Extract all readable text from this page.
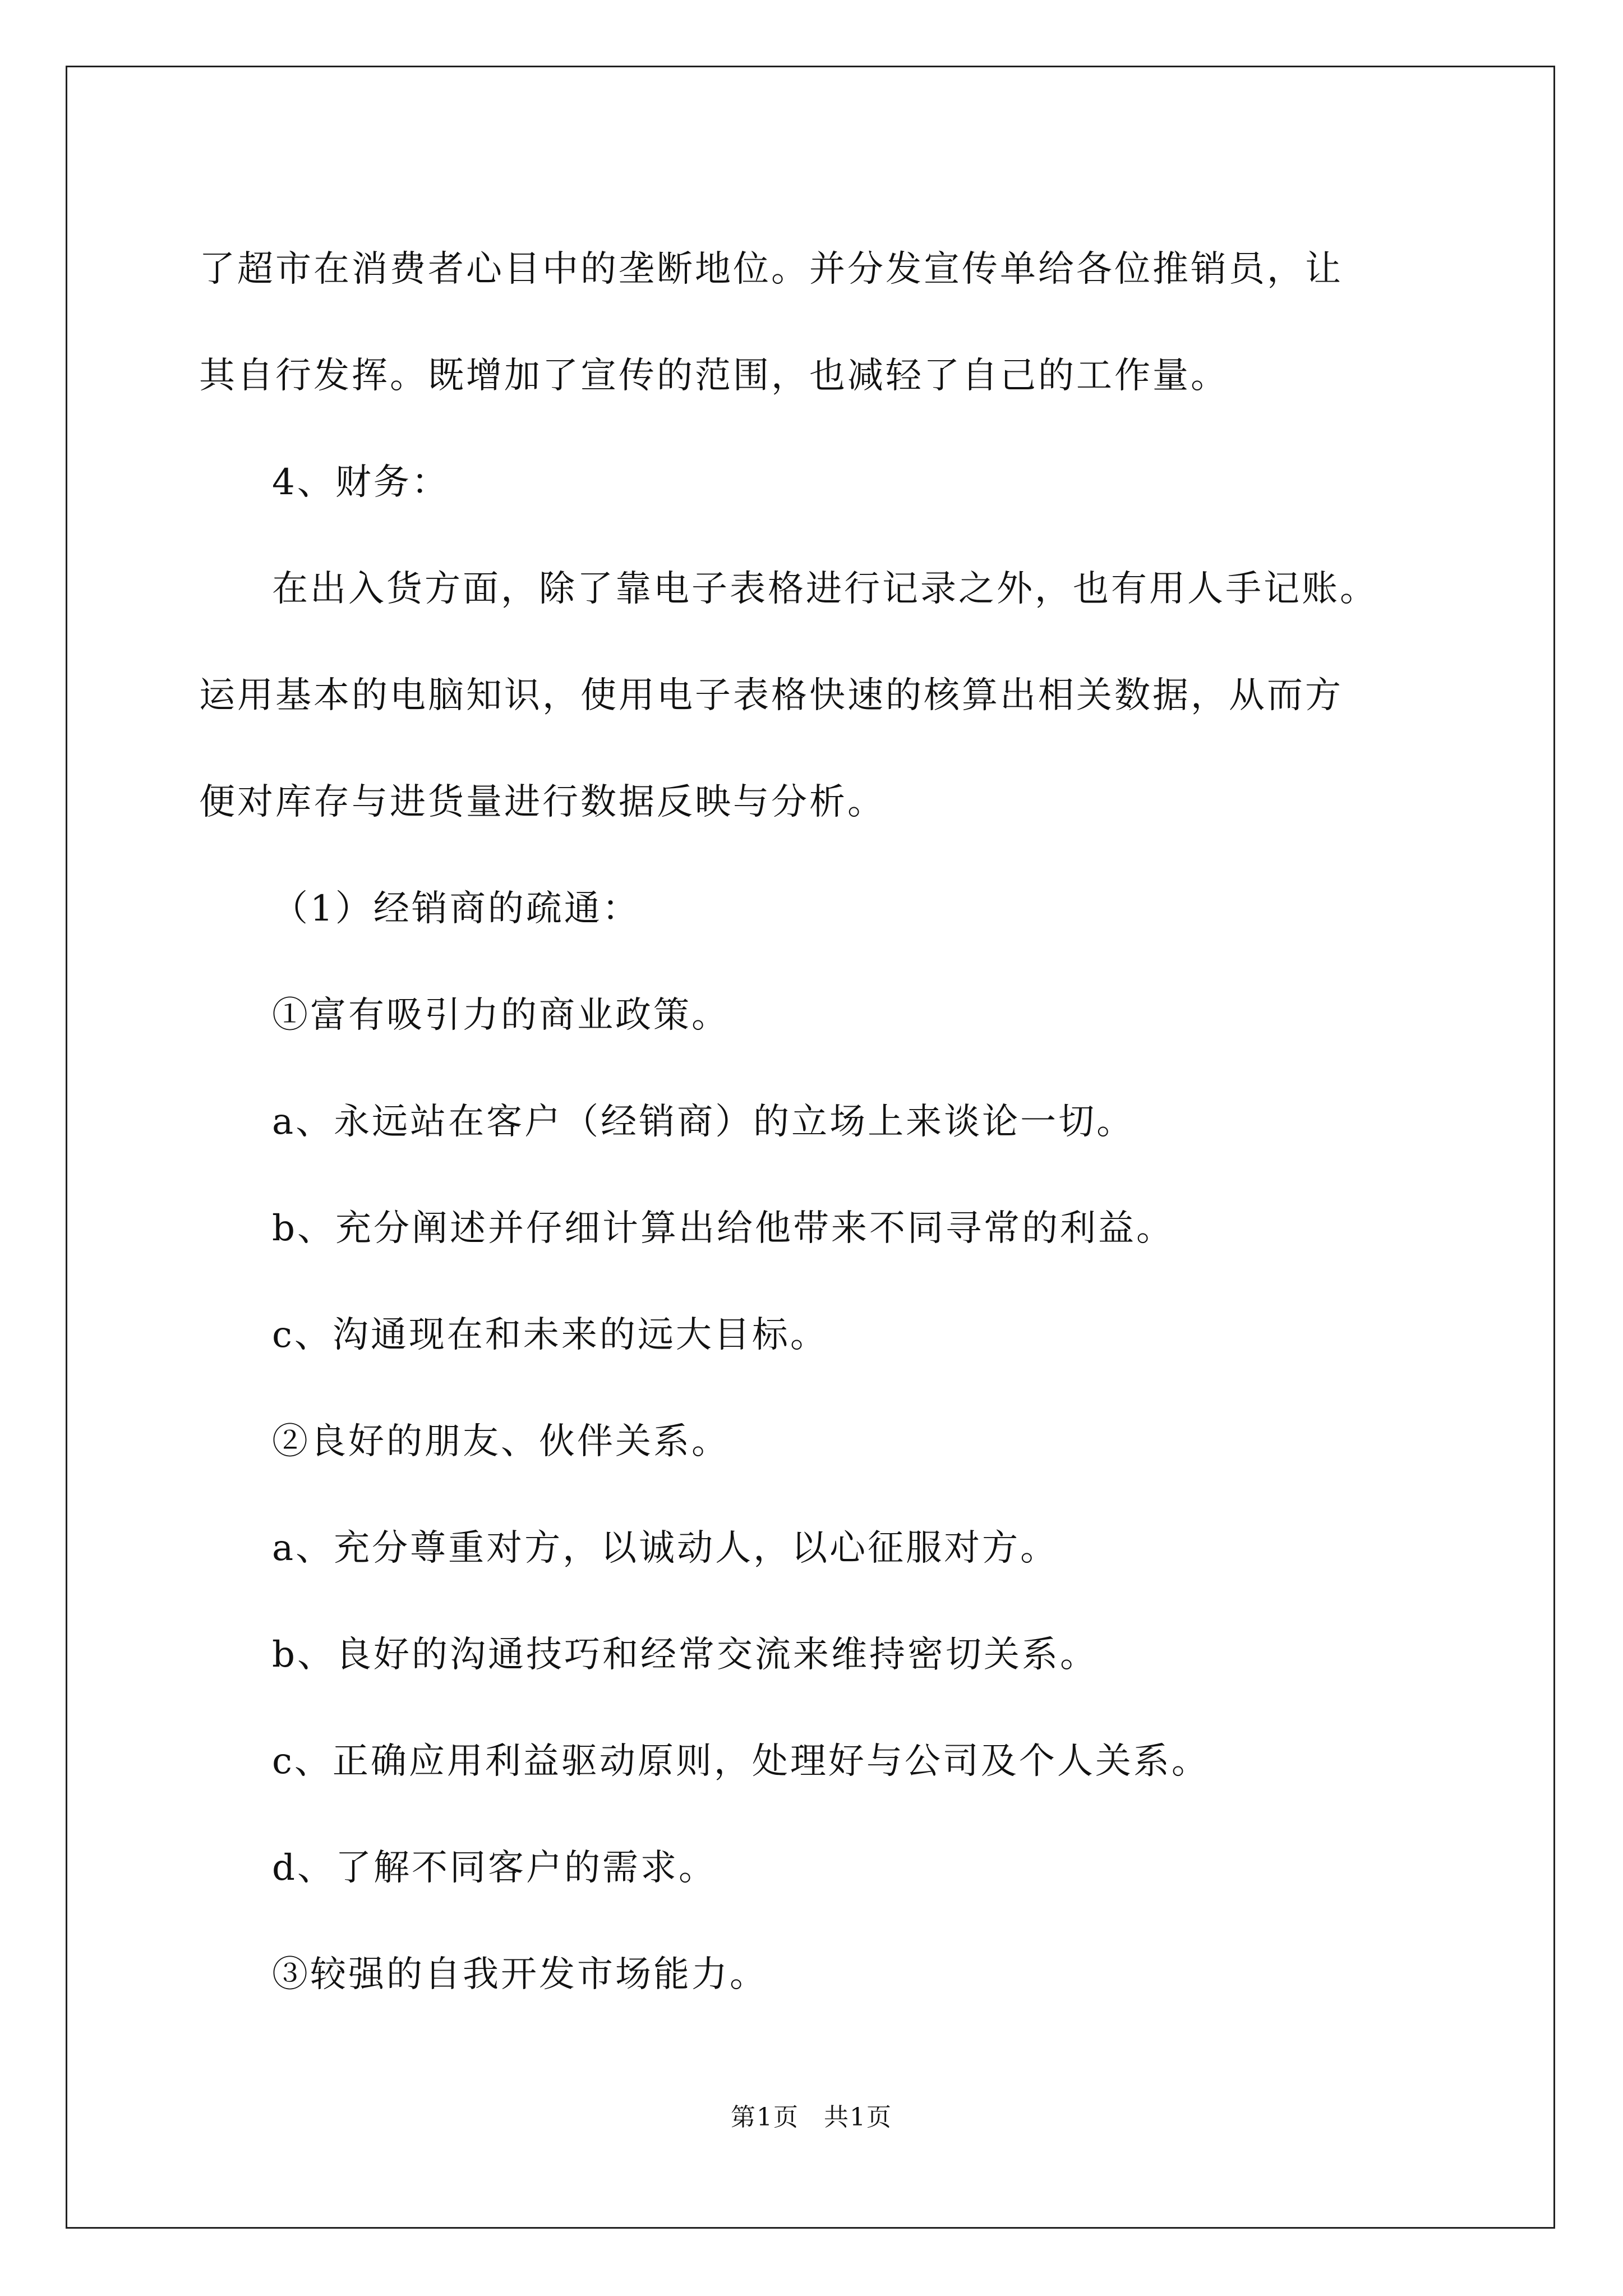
了超市在消费者心目中的垄断地位。并分发宣传单给各位推销员，让
其自行发挥。既增加了宣传的范围，也减轻了自己的工作量。
4、财务：
在出入货方面，除了靠电子表格进行记录之外，也有用人手记账。
运用基本的电脑知识，使用电子表格快速的核算出相关数据，从而方
便对库存与进货量进行数据反映与分析。
（1）经销商的疏通：
①富有吸引力的商业政策。
a、永远站在客户（经销商）的立场上来谈论一切。
b、充分阐述并仔细计算出给他带来不同寻常的利益。
c、沟通现在和未来的远大目标。
②良好的朋友、伙伴关系。
a、充分尊重对方，以诚动人，以心征服对方。
b、良好的沟通技巧和经常交流来维持密切关系。
c、正确应用利益驱动原则，处理好与公司及个人关系。
d、了解不同客户的需求。
③较强的自我开发市场能力。
第1页 共1页
